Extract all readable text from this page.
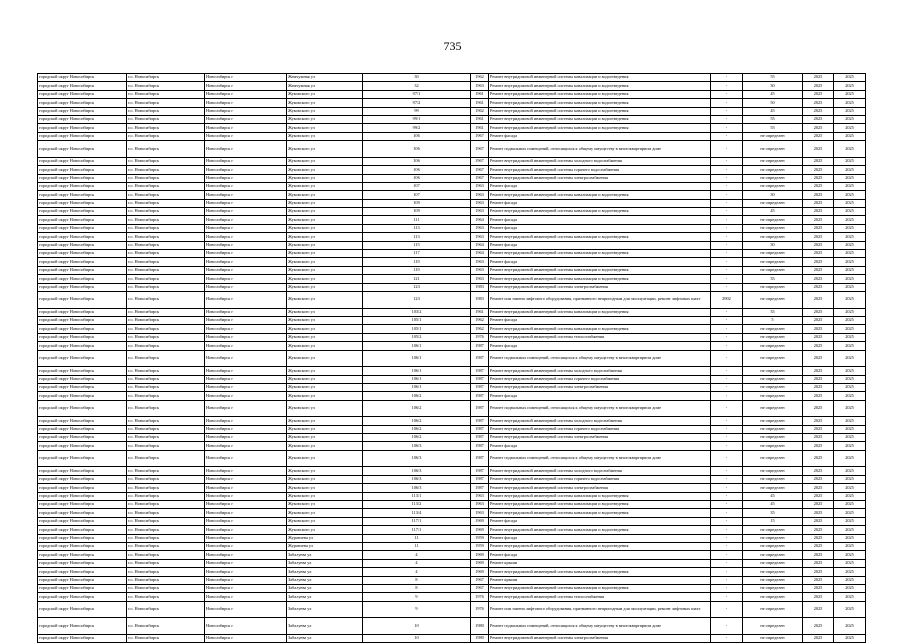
735
городской округ Новосибирск	г.о. Новосибирск	Новосибирск г	Жемчужная ул	30	1962	Ремонт внутридомовой инженерной системы канализации и водоотведения	-	55	2025	2025
городской округ Новосибирск	г.о. Новосибирск	Новосибирск г	Жемчужная ул	32	1963	Ремонт внутридомовой инженерной системы канализации и водоотведения	-	30	2025	2025
городской округ Новосибирск	г.о. Новосибирск	Новосибирск г	Жуковского ул	97/1	1961	Ремонт внутридомовой инженерной системы канализации и водоотведения	-	45	2025	2025
городской округ Новосибирск	г.о. Новосибирск	Новосибирск г	Жуковского ул	97/2	1961	Ремонт внутридомовой инженерной системы канализации и водоотведения	-	50	2025	2025
городской округ Новосибирск	г.о. Новосибирск	Новосибирск г	Жуковского ул	99	1962	Ремонт внутридомовой инженерной системы канализации и водоотведения	-	45	2025	2025
городской округ Новосибирск	г.о. Новосибирск	Новосибирск г	Жуковского ул	99/1	1961	Ремонт внутридомовой инженерной системы канализации и водоотведения	-	55	2025	2025
городской округ Новосибирск	г.о. Новосибирск	Новосибирск г	Жуковского ул	99/2	1961	Ремонт внутридомовой инженерной системы канализации и водоотведения	-	55	2025	2025
городской округ Новосибирск	г.о. Новосибирск	Новосибирск г	Жуковского ул	106	1967	Ремонт фасада	-	не определен	2025	2025
городской округ Новосибирск	г.о. Новосибирск	Новосибирск г	Жуковского ул	106	1967	Ремонт подвальных помещений, относящихся к общему имуществу в многоквартирном доме	-	не определен	2025	2025
городской округ Новосибирск	г.о. Новосибирск	Новосибирск г	Жуковского ул	106	1967	Ремонт внутридомовой инженерной системы холодного водоснабжения	-	не определен	2025	2025
городской округ Новосибирск	г.о. Новосибирск	Новосибирск г	Жуковского ул	106	1967	Ремонт внутридомовой инженерной системы горячего водоснабжения	-	не определен	2025	2025
городской округ Новосибирск	г.о. Новосибирск	Новосибирск г	Жуковского ул	106	1967	Ремонт внутридомовой инженерной системы электроснабжения	-	не определен	2025	2025
городской округ Новосибирск	г.о. Новосибирск	Новосибирск г	Жуковского ул	107	1963	Ремонт фасада	-	не определен	2025	2025
городской округ Новосибирск	г.о. Новосибирск	Новосибирск г	Жуковского ул	107	1963	Ремонт внутридомовой инженерной системы канализации и водоотведения	-	30	2025	2025
городской округ Новосибирск	г.о. Новосибирск	Новосибирск г	Жуковского ул	109	1963	Ремонт фасада	-	не определен	2025	2025
городской округ Новосибирск	г.о. Новосибирск	Новосибирск г	Жуковского ул	109	1963	Ремонт внутридомовой инженерной системы канализации и водоотведения	-	45	2025	2025
городской округ Новосибирск	г.о. Новосибирск	Новосибирск г	Жуковского ул	111	1964	Ремонт фасада	-	не определен	2025	2025
городской округ Новосибирск	г.о. Новосибирск	Новосибирск г	Жуковского ул	113	1963	Ремонт фасада	-	не определен	2025	2025
городской округ Новосибирск	г.о. Новосибирск	Новосибирск г	Жуковского ул	113	1963	Ремонт внутридомовой инженерной системы канализации и водоотведения	-	не определен	2025	2025
городской округ Новосибирск	г.о. Новосибирск	Новосибирск г	Жуковского ул	115	1964	Ремонт фасада	-	30	2025	2025
городской округ Новосибирск	г.о. Новосибирск	Новосибирск г	Жуковского ул	117	1964	Ремонт внутридомовой инженерной системы канализации и водоотведения	-	не определен	2025	2025
городской округ Новосибирск	г.о. Новосибирск	Новосибирск г	Жуковского ул	119	1963	Ремонт фасада	-	не определен	2025	2025
городской округ Новосибирск	г.о. Новосибирск	Новосибирск г	Жуковского ул	119	1963	Ремонт внутридомовой инженерной системы канализации и водоотведения	-	не определен	2025	2025
городской округ Новосибирск	г.о. Новосибирск	Новосибирск г	Жуковского ул	121	1963	Ремонт внутридомовой инженерной системы канализации и водоотведения	-	35	2025	2025
городской округ Новосибирск	г.о. Новосибирск	Новосибирск г	Жуковского ул	123	1983	Ремонт внутридомовой инженерной системы электроснабжения	-	не определен	2025	2025
городской округ Новосибирск	г.о. Новосибирск	Новосибирск г	Жуковского ул	123	1983	Ремонт или замена лифтового оборудования, признанного непригодным для эксплуатации, ремонт лифтовых шахт	2902	не определен	2025	2025
городской округ Новосибирск	г.о. Новосибирск	Новосибирск г	Жуковского ул	103/2	1961	Ремонт внутридомовой инженерной системы канализации и водоотведения	-	35	2025	2025
городской округ Новосибирск	г.о. Новосибирск	Новосибирск г	Жуковского ул	105/1	1962	Ремонт фасада	-	5	2025	2025
городской округ Новосибирск	г.о. Новосибирск	Новосибирск г	Жуковского ул	105/1	1962	Ремонт внутридомовой инженерной системы канализации и водоотведения	-	не определен	2025	2025
городской округ Новосибирск	г.о. Новосибирск	Новосибирск г	Жуковского ул	105/2	1976	Ремонт внутридомовой инженерной системы теплоснабжения	-	не определен	2025	2025
городской округ Новосибирск	г.о. Новосибирск	Новосибирск г	Жуковского ул	106/1	1987	Ремонт фасада	-	не определен	2025	2025
городской округ Новосибирск	г.о. Новосибирск	Новосибирск г	Жуковского ул	106/1	1987	Ремонт подвальных помещений, относящихся к общему имуществу в многоквартирном доме	-	не определен	2025	2025
городской округ Новосибирск	г.о. Новосибирск	Новосибирск г	Жуковского ул	106/1	1987	Ремонт внутридомовой инженерной системы холодного водоснабжения	-	не определен	2025	2025
городской округ Новосибирск	г.о. Новосибирск	Новосибирск г	Жуковского ул	106/1	1987	Ремонт внутридомовой инженерной системы горячего водоснабжения	-	не определен	2025	2025
городской округ Новосибирск	г.о. Новосибирск	Новосибирск г	Жуковского ул	106/1	1987	Ремонт внутридомовой инженерной системы электроснабжения	-	не определен	2025	2025
городской округ Новосибирск	г.о. Новосибирск	Новосибирск г	Жуковского ул	106/2	1987	Ремонт фасада	-	не определен	2025	2025
городской округ Новосибирск	г.о. Новосибирск	Новосибирск г	Жуковского ул	106/2	1987	Ремонт подвальных помещений, относящихся к общему имуществу в многоквартирном доме	-	не определен	2025	2025
городской округ Новосибирск	г.о. Новосибирск	Новосибирск г	Жуковского ул	106/2	1987	Ремонт внутридомовой инженерной системы холодного водоснабжения	-	не определен	2025	2025
городской округ Новосибирск	г.о. Новосибирск	Новосибирск г	Жуковского ул	106/2	1987	Ремонт внутридомовой инженерной системы горячего водоснабжения	-	не определен	2025	2025
городской округ Новосибирск	г.о. Новосибирск	Новосибирск г	Жуковского ул	106/2	1987	Ремонт внутридомовой инженерной системы электроснабжения	-	не определен	2025	2025
городской округ Новосибирск	г.о. Новосибирск	Новосибирск г	Жуковского ул	106/3	1987	Ремонт фасада	-	не определен	2025	2025
городской округ Новосибирск	г.о. Новосибирск	Новосибирск г	Жуковского ул	106/3	1987	Ремонт подвальных помещений, относящихся к общему имуществу в многоквартирном доме	-	не определен	2025	2025
городской округ Новосибирск	г.о. Новосибирск	Новосибирск г	Жуковского ул	106/3	1987	Ремонт внутридомовой инженерной системы холодного водоснабжения	-	не определен	2025	2025
городской округ Новосибирск	г.о. Новосибирск	Новосибирск г	Жуковского ул	106/3	1987	Ремонт внутридомовой инженерной системы горячего водоснабжения	-	не определен	2025	2025
городской округ Новосибирск	г.о. Новосибирск	Новосибирск г	Жуковского ул	106/3	1987	Ремонт внутридомовой инженерной системы электроснабжения	-	не определен	2025	2025
городской округ Новосибирск	г.о. Новосибирск	Новосибирск г	Жуковского ул	113/1	1963	Ремонт внутридомовой инженерной системы канализации и водоотведения	-	45	2025	2025
городской округ Новосибирск	г.о. Новосибирск	Новосибирск г	Жуковского ул	113/2	1963	Ремонт внутридомовой инженерной системы канализации и водоотведения	-	45	2025	2025
городской округ Новосибирск	г.о. Новосибирск	Новосибирск г	Жуковского ул	113/4	1963	Ремонт внутридомовой инженерной системы канализации и водоотведения	-	35	2025	2025
городской округ Новосибирск	г.о. Новосибирск	Новосибирск г	Жуковского ул	117/1	1969	Ремонт фасада	-	15	2025	2025
городской округ Новосибирск	г.о. Новосибирск	Новосибирск г	Жуковского ул	117/1	1969	Ремонт внутридомовой инженерной системы канализации и водоотведения	-	не определен	2025	2025
городской округ Новосибирск	г.о. Новосибирск	Новосибирск г	Журавлева ул	11	1959	Ремонт фасада	-	не определен	2025	2025
городской округ Новосибирск	г.о. Новосибирск	Новосибирск г	Журавлева ул	11	1959	Ремонт внутридомовой инженерной системы канализации и водоотведения	-	не определен	2025	2025
городской округ Новосибирск	г.о. Новосибирск	Новосибирск г	Забалуева ул	4	1969	Ремонт фасада	-	не определен	2025	2025
городской округ Новосибирск	г.о. Новосибирск	Новосибирск г	Забалуева ул	4	1969	Ремонт крыши	-	не определен	2025	2025
городской округ Новосибирск	г.о. Новосибирск	Новосибирск г	Забалуева ул	4	1969	Ремонт внутридомовой инженерной системы канализации и водоотведения	-	не определен	2025	2025
городской округ Новосибирск	г.о. Новосибирск	Новосибирск г	Забалуева ул	8	1967	Ремонт крыши	-	не определен	2025	2025
городской округ Новосибирск	г.о. Новосибирск	Новосибирск г	Забалуева ул	8	1967	Ремонт внутридомовой инженерной системы канализации и водоотведения	-	не определен	2025	2025
городской округ Новосибирск	г.о. Новосибирск	Новосибирск г	Забалуева ул	9	1976	Ремонт внутридомовой инженерной системы теплоснабжения	-	не определен	2025	2025
городской округ Новосибирск	г.о. Новосибирск	Новосибирск г	Забалуева ул	9	1976	Ремонт или замена лифтового оборудования, признанного непригодным для эксплуатации, ремонт лифтовых шахт	-	не определен	2025	2025
городской округ Новосибирск	г.о. Новосибирск	Новосибирск г	Забалуева ул	10	1980	Ремонт подвальных помещений, относящихся к общему имуществу в многоквартирном доме	-	не определен	2025	2025
городской округ Новосибирск	г.о. Новосибирск	Новосибирск г	Забалуева ул	10	1980	Ремонт внутридомовой инженерной системы электроснабжения	-	не определен	2025	2025
